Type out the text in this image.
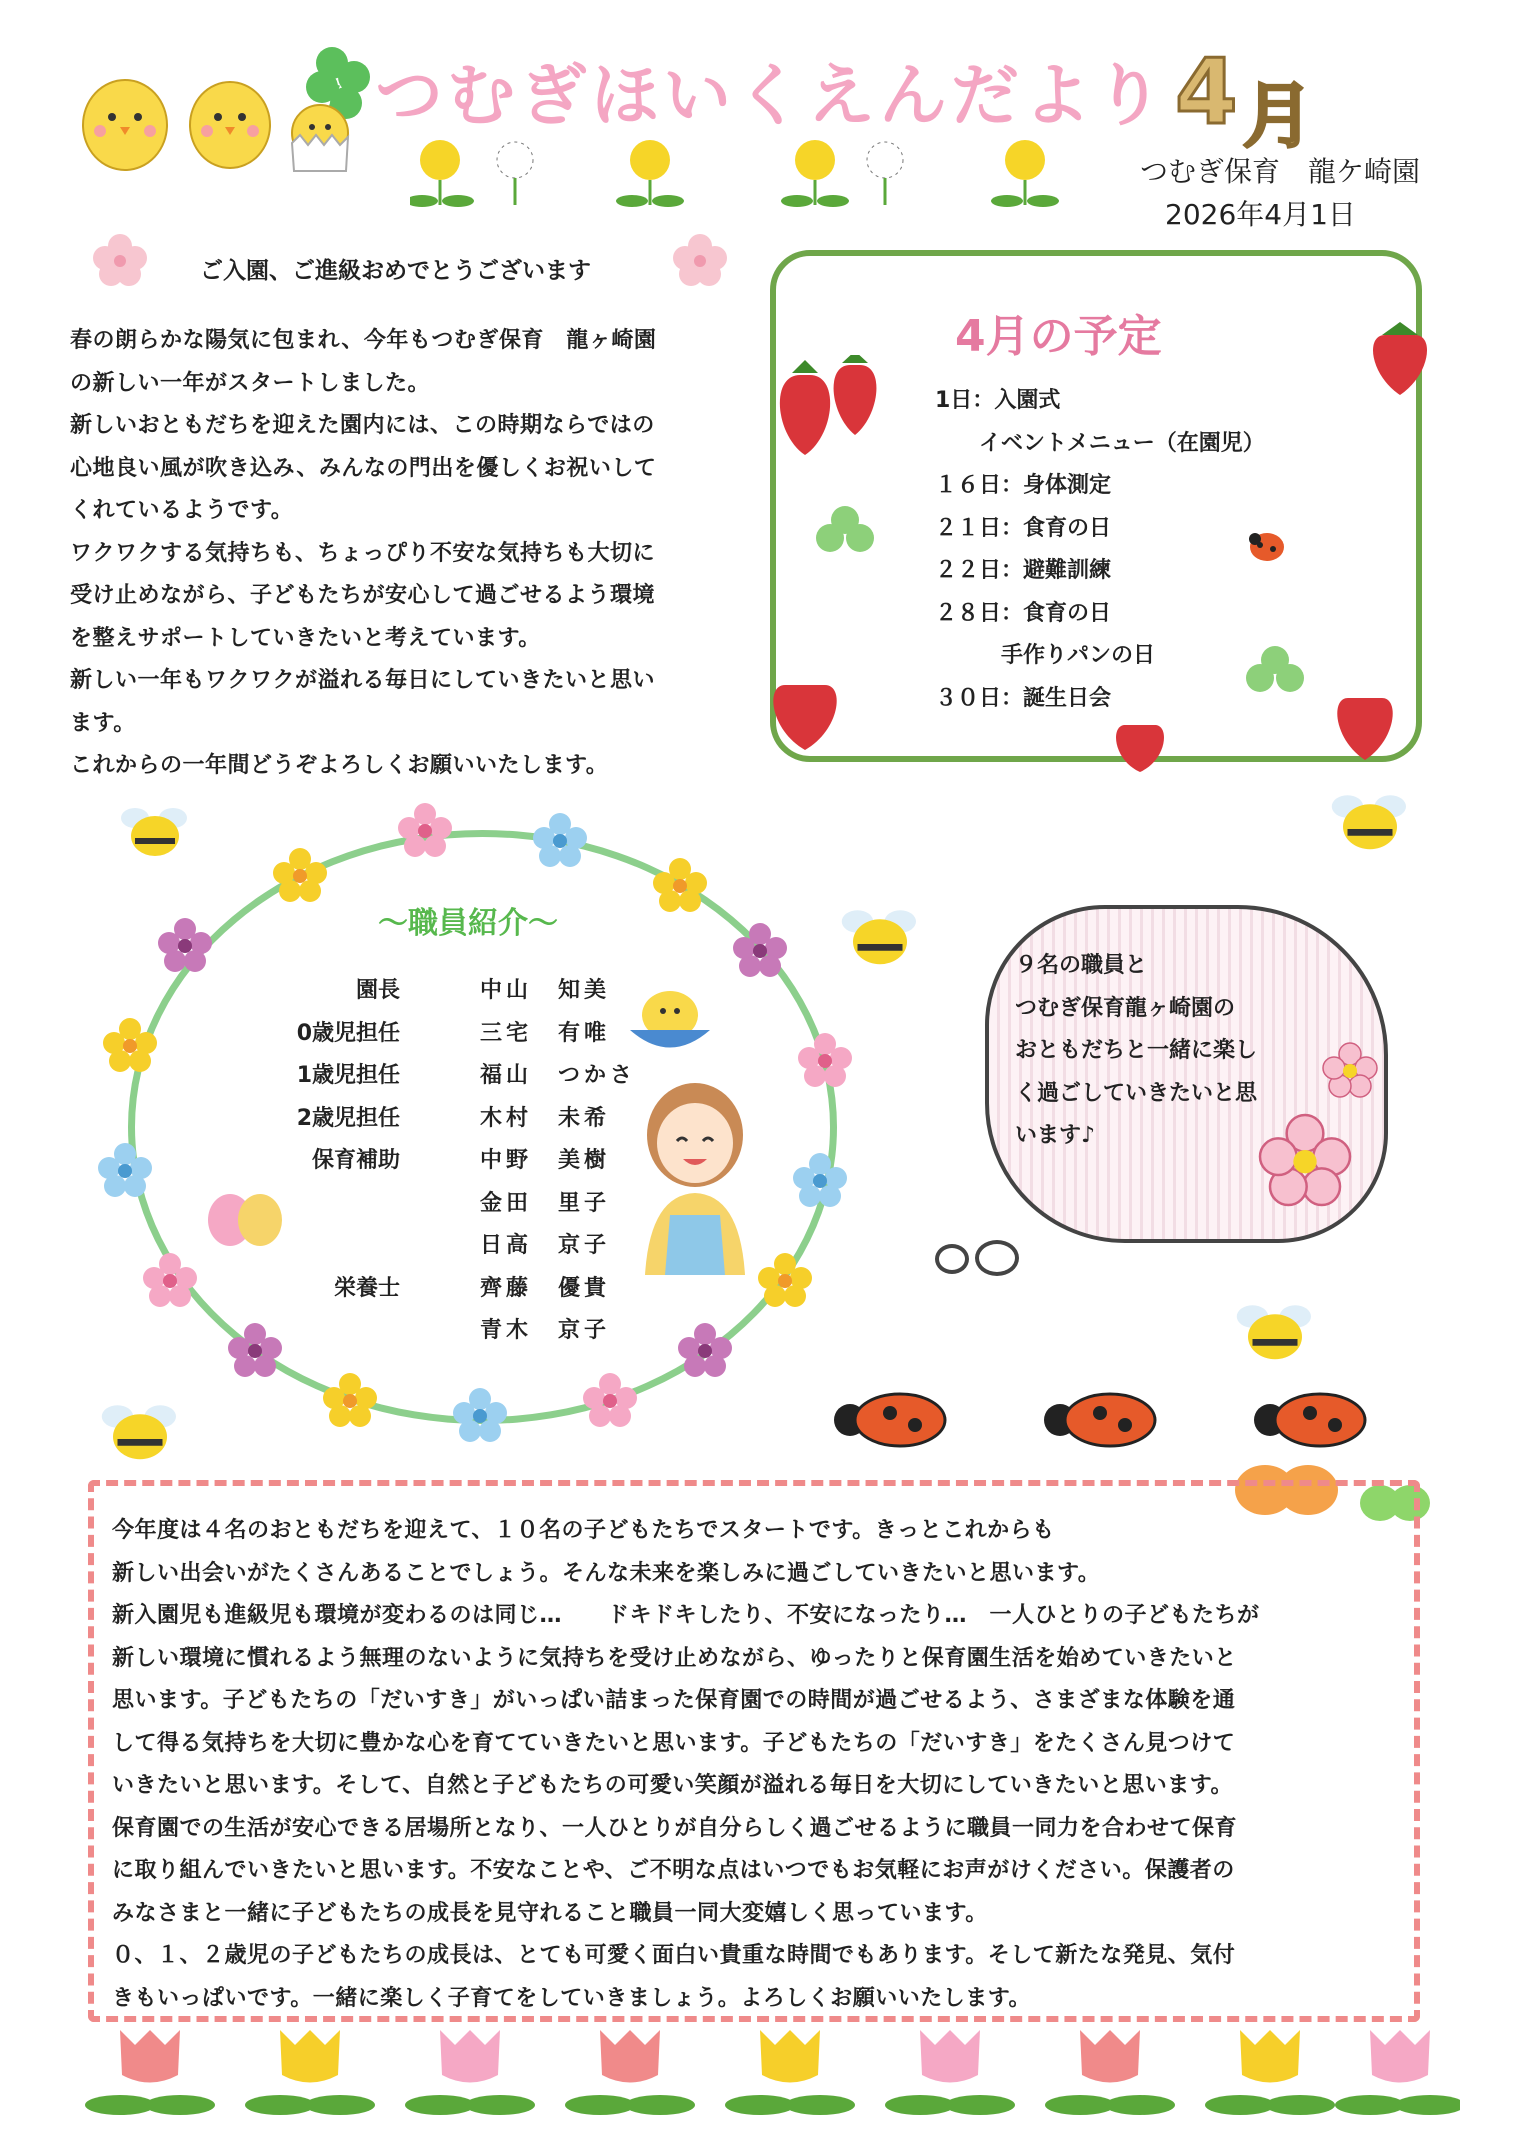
つむぎほいくえんだより 4 月
つむぎ保育　龍ケ崎園
2026年4月1日
ご入園、ご進級おめでとうございます

春の朗らかな陽気に包まれ、今年もつむぎ保育　龍ヶ崎園

の新しい一年がスタートしました。

新しいおともだちを迎えた園内には、この時期ならではの

心地良い風が吹き込み、みんなの門出を優しくお祝いして

くれているようです。

ワクワクする気持ちも、ちょっぴり不安な気持ちも大切に

受け止めながら、子どもたちが安心して過ごせるよう環境

を整えサポートしていきたいと考えています。

新しい一年もワクワクが溢れる毎日にしていきたいと思い

ます。

これからの一年間どうぞよろしくお願いいたします。

4月の予定
1日：入園式
　　イベントメニュー（在園児）
１６日：身体測定
２１日：食育の日
２２日：避難訓練
２８日：食育の日
　　　手作りパンの日
３０日：誕生日会
～職員紹介～
園長	中山　知美
0歳児担任	三宅　有唯
1歳児担任	福山　つかさ
2歳児担任	木村　未希
保育補助	中野　美樹
金田　里子
日高　京子
栄養士	齊藤　優貴
青木　京子
９名の職員と
つむぎ保育龍ヶ崎園の
おともだちと一緒に楽し
く過ごしていきたいと思
います♪

今年度は４名のおともだちを迎えて、１０名の子どもたちでスタートです。きっとこれからも

新しい出会いがたくさんあることでしょう。そんな未来を楽しみに過ごしていきたいと思います。

新入園児も進級児も環境が変わるのは同じ…　　ドキドキしたり、不安になったり…　一人ひとりの子どもたちが

新しい環境に慣れるよう無理のないように気持ちを受け止めながら、ゆったりと保育園生活を始めていきたいと

思います。子どもたちの「だいすき」がいっぱい詰まった保育園での時間が過ごせるよう、さまざまな体験を通

して得る気持ちを大切に豊かな心を育てていきたいと思います。子どもたちの「だいすき」をたくさん見つけて

いきたいと思います。そして、自然と子どもたちの可愛い笑顔が溢れる毎日を大切にしていきたいと思います。

保育園での生活が安心できる居場所となり、一人ひとりが自分らしく過ごせるように職員一同力を合わせて保育

に取り組んでいきたいと思います。不安なことや、ご不明な点はいつでもお気軽にお声がけください。保護者の

みなさまと一緒に子どもたちの成長を見守れること職員一同大変嬉しく思っています。

０、１、２歳児の子どもたちの成長は、とても可愛く面白い貴重な時間でもあります。そして新たな発見、気付

きもいっぱいです。一緒に楽しく子育てをしていきましょう。よろしくお願いいたします。
